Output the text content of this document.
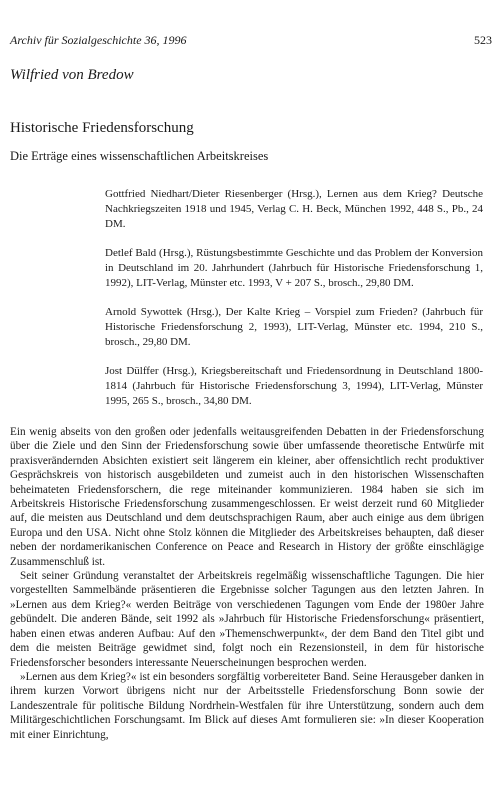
Archiv für Sozialgeschichte 36, 1996	523
Wilfried von Bredow
Historische Friedensforschung
Die Erträge eines wissenschaftlichen Arbeitskreises

Gottfried Niedhart/Dieter Riesenberger (Hrsg.), Lernen aus dem Krieg? Deutsche Nachkriegszeiten 1918 und 1945, Verlag C. H. Beck, München 1992, 448 S., Pb., 24 DM.

Detlef Bald (Hrsg.), Rüstungsbestimmte Geschichte und das Problem der Konversion in Deutschland im 20. Jahrhundert (Jahrbuch für Historische Friedensforschung 1, 1992), LIT-Verlag, Münster etc. 1993, V + 207 S., brosch., 29,80 DM.

Arnold Sywottek (Hrsg.), Der Kalte Krieg – Vorspiel zum Frieden? (Jahrbuch für Historische Friedensforschung 2, 1993), LIT-Verlag, Münster etc. 1994, 210 S., brosch., 29,80 DM.

Jost Dülffer (Hrsg.), Kriegsbereitschaft und Friedensordnung in Deutschland 1800-1814 (Jahrbuch für Historische Friedensforschung 3, 1994), LIT-Verlag, Münster 1995, 265 S., brosch., 34,80 DM.

Ein wenig abseits von den großen oder jedenfalls weitausgreifenden Debatten in der Friedensforschung über die Ziele und den Sinn der Friedensforschung sowie über umfassende theoretische Entwürfe mit praxisverändernden Absichten existiert seit längerem ein kleiner, aber offensichtlich recht produktiver Gesprächskreis von historisch ausgebildeten und zumeist auch in den historischen Wissenschaften beheimateten Friedensforschern, die rege miteinander kommunizieren. 1984 haben sie sich im Arbeitskreis Historische Friedensforschung zusammengeschlossen. Er weist derzeit rund 60 Mitglieder auf, die meisten aus Deutschland und dem deutschsprachigen Raum, aber auch einige aus dem übrigen Europa und den USA. Nicht ohne Stolz können die Mitglieder des Arbeitskreises behaupten, daß dieser neben der nordamerikanischen Conference on Peace and Research in History der größte einschlägige Zusammenschluß ist.

Seit seiner Gründung veranstaltet der Arbeitskreis regelmäßig wissenschaftliche Tagungen. Die hier vorgestellten Sammelbände präsentieren die Ergebnisse solcher Tagungen aus den letzten Jahren. In »Lernen aus dem Krieg?« werden Beiträge von verschiedenen Tagungen vom Ende der 1980er Jahre gebündelt. Die anderen Bände, seit 1992 als »Jahrbuch für Historische Friedensforschung« präsentiert, haben einen etwas anderen Aufbau: Auf den »Themenschwerpunkt«, der dem Band den Titel gibt und dem die meisten Beiträge gewidmet sind, folgt noch ein Rezensionsteil, in dem für historische Friedensforscher besonders interessante Neuerscheinungen besprochen werden.

»Lernen aus dem Krieg?« ist ein besonders sorgfältig vorbereiteter Band. Seine Herausgeber danken in ihrem kurzen Vorwort übrigens nicht nur der Arbeitsstelle Friedensforschung Bonn sowie der Landeszentrale für politische Bildung Nordrhein-Westfalen für ihre Unterstützung, sondern auch dem Militärgeschichtlichen Forschungsamt. Im Blick auf dieses Amt formulieren sie: »In dieser Kooperation mit einer Einrichtung,
